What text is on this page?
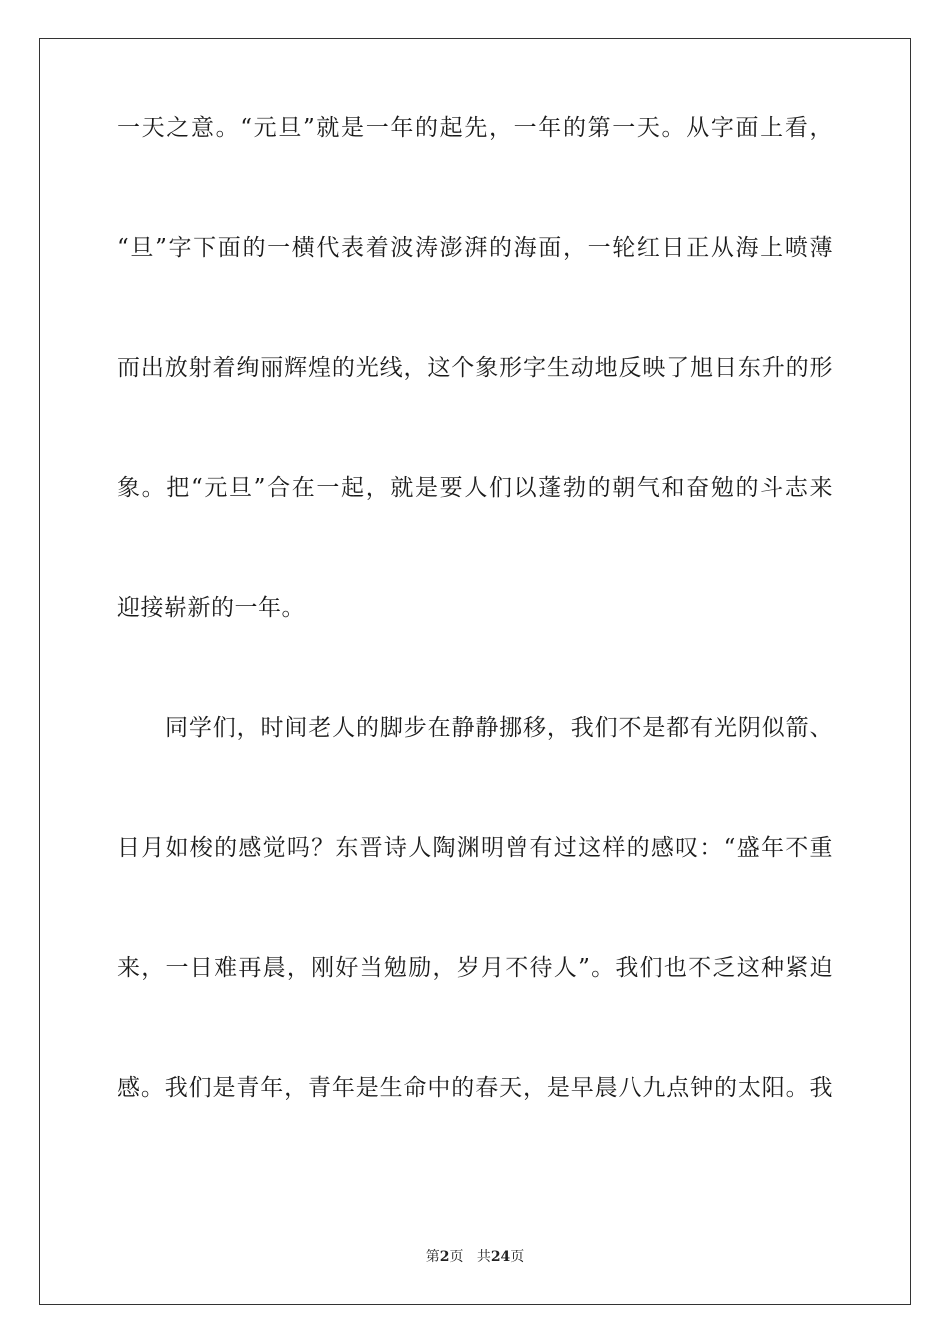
一天之意。“元旦”就是一年的起先，一年的第一天。从字面上看，
“旦”字下面的一横代表着波涛澎湃的海面，一轮红日正从海上喷薄
而出放射着绚丽辉煌的光线，这个象形字生动地反映了旭日东升的形
象。把“元旦”合在一起，就是要人们以蓬勃的朝气和奋勉的斗志来
迎接崭新的一年。
同学们，时间老人的脚步在静静挪移，我们不是都有光阴似箭、
日月如梭的感觉吗？东晋诗人陶渊明曾有过这样的感叹：“盛年不重
来，一日难再晨，刚好当勉励，岁月不待人”。我们也不乏这种紧迫
感。我们是青年，青年是生命中的春天，是早晨八九点钟的太阳。我
第2页 共24页
